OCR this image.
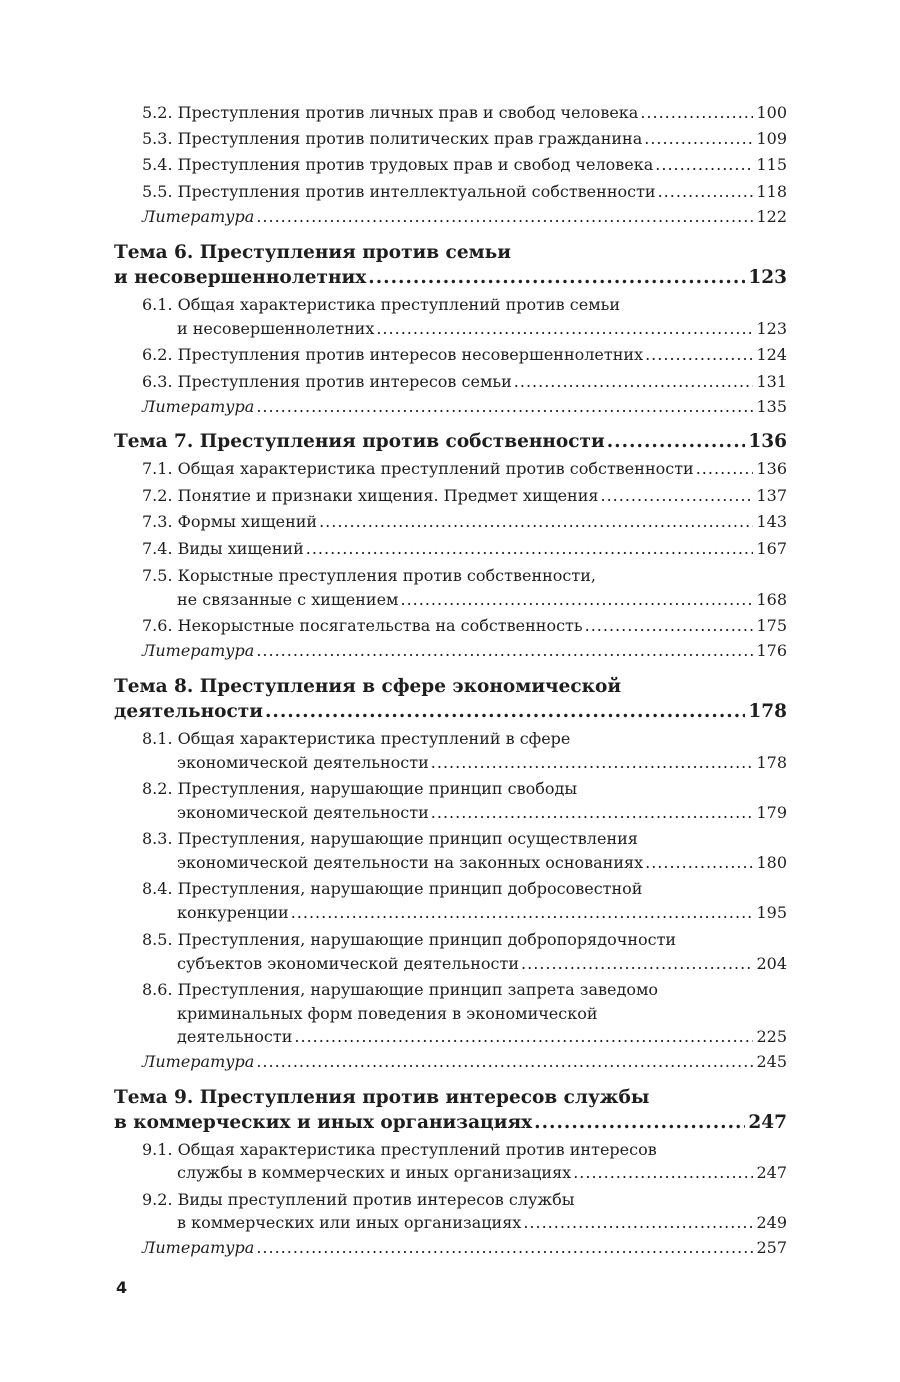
5.2. Преступления против личных прав и свобод человека .....	100
5.3. Преступления против политических прав гражданина .....	109
5.4. Преступления против трудовых прав и свобод человека .....	115
5.5. Преступления против интеллектуальной собственности .....	118
Литература .....	122
Тема 6. Преступления против семьи
и несовершеннолетних .....	123
6.1. Общая характеристика преступлений против семьи
и несовершеннолетних .....	123
6.2. Преступления против интересов несовершеннолетних .....	124
6.3. Преступления против интересов семьи .....	131
Литература .....	135
Тема 7. Преступления против собственности .....	136
7.1. Общая характеристика преступлений против собственности .....	136
7.2. Понятие и признаки хищения. Предмет хищения .....	137
7.3. Формы хищений .....	143
7.4. Виды хищений .....	167
7.5. Корыстные преступления против собственности,
не связанные с хищением .....	168
7.6. Некорыстные посягательства на собственность .....	175
Литература .....	176
Тема 8. Преступления в сфере экономической
деятельности .....	178
8.1. Общая характеристика преступлений в сфере
экономической деятельности .....	178
8.2. Преступления, нарушающие принцип свободы
экономической деятельности .....	179
8.3. Преступления, нарушающие принцип осуществления
экономической деятельности на законных основаниях .....	180
8.4. Преступления, нарушающие принцип добросовестной
конкуренции .....	195
8.5. Преступления, нарушающие принцип добропорядочности
субъектов экономической деятельности .....	204
8.6. Преступления, нарушающие принцип запрета заведомо
криминальных форм поведения в экономической
деятельности .....	225
Литература .....	245
Тема 9. Преступления против интересов службы
в коммерческих и иных организациях .....	247
9.1. Общая характеристика преступлений против интересов
службы в коммерческих и иных организациях .....	247
9.2. Виды преступлений против интересов службы
в коммерческих или иных организациях .....	249
Литература .....	257
4
